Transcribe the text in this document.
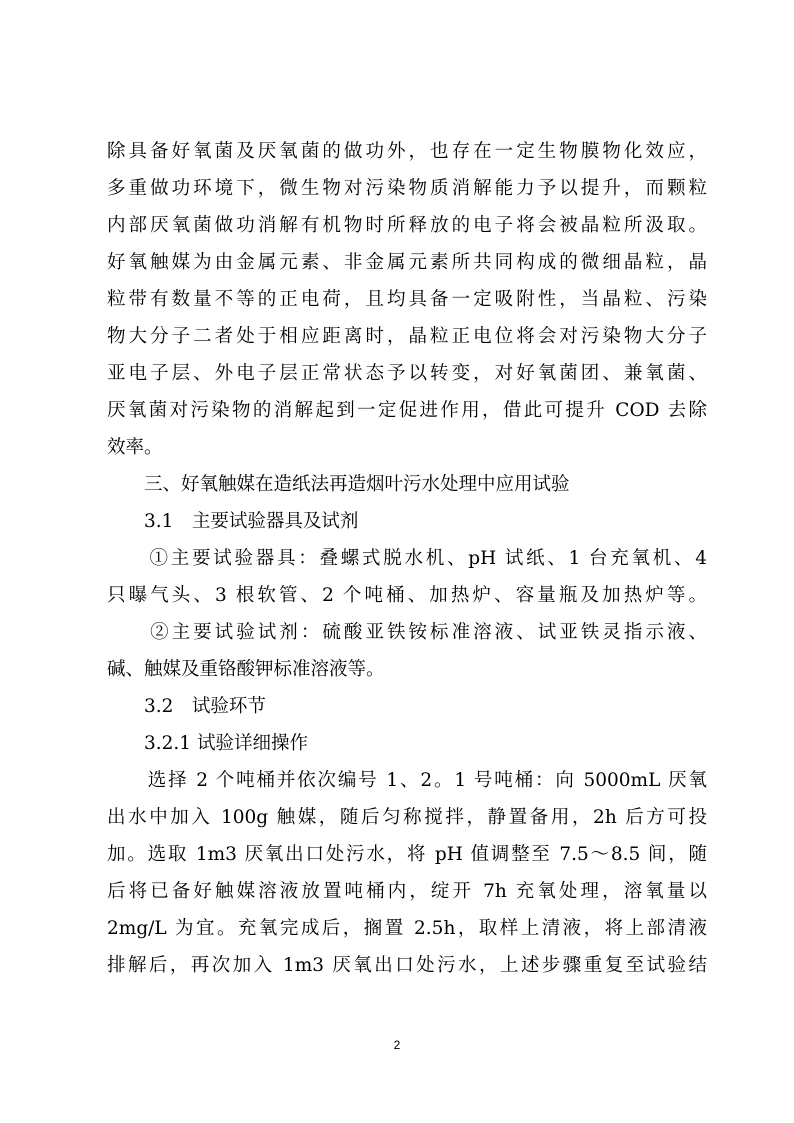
除具备好氧菌及厌氧菌的做功外，也存在一定生物膜物化效应，
多重做功环境下，微生物对污染物质消解能力予以提升，而颗粒
内部厌氧菌做功消解有机物时所释放的电子将会被晶粒所汲取。
好氧触媒为由金属元素、非金属元素所共同构成的微细晶粒，晶
粒带有数量不等的正电荷，且均具备一定吸附性，当晶粒、污染
物大分子二者处于相应距离时，晶粒正电位将会对污染物大分子
亚电子层、外电子层正常状态予以转变，对好氧菌团、兼氧菌、
厌氧菌对污染物的消解起到一定促进作用，借此可提升 COD 去除
效率。
　　三、好氧触媒在造纸法再造烟叶污水处理中应用试验
　　3.1　主要试验器具及试剂
　　①主要试验器具：叠螺式脱水机、pH 试纸、1 台充氧机、4
只曝气头、3 根软管、2 个吨桶、加热炉、容量瓶及加热炉等。
　　②主要试验试剂：硫酸亚铁铵标准溶液、试亚铁灵指示液、
碱、触媒及重铬酸钾标准溶液等。
　　3.2　试验环节
　　3.2.1 试验详细操作
　　选择 2 个吨桶并依次编号 1、2。1 号吨桶：向 5000mL 厌氧
出水中加入 100g 触媒，随后匀称搅拌，静置备用，2h 后方可投
加。选取 1m3 厌氧出口处污水，将 pH 值调整至 7.5～8.5 间，随
后将已备好触媒溶液放置吨桶内，绽开 7h 充氧处理，溶氧量以
2mg/L 为宜。充氧完成后，搁置 2.5h，取样上清液，将上部清液
排解后，再次加入 1m3 厌氧出口处污水，上述步骤重复至试验结
2
